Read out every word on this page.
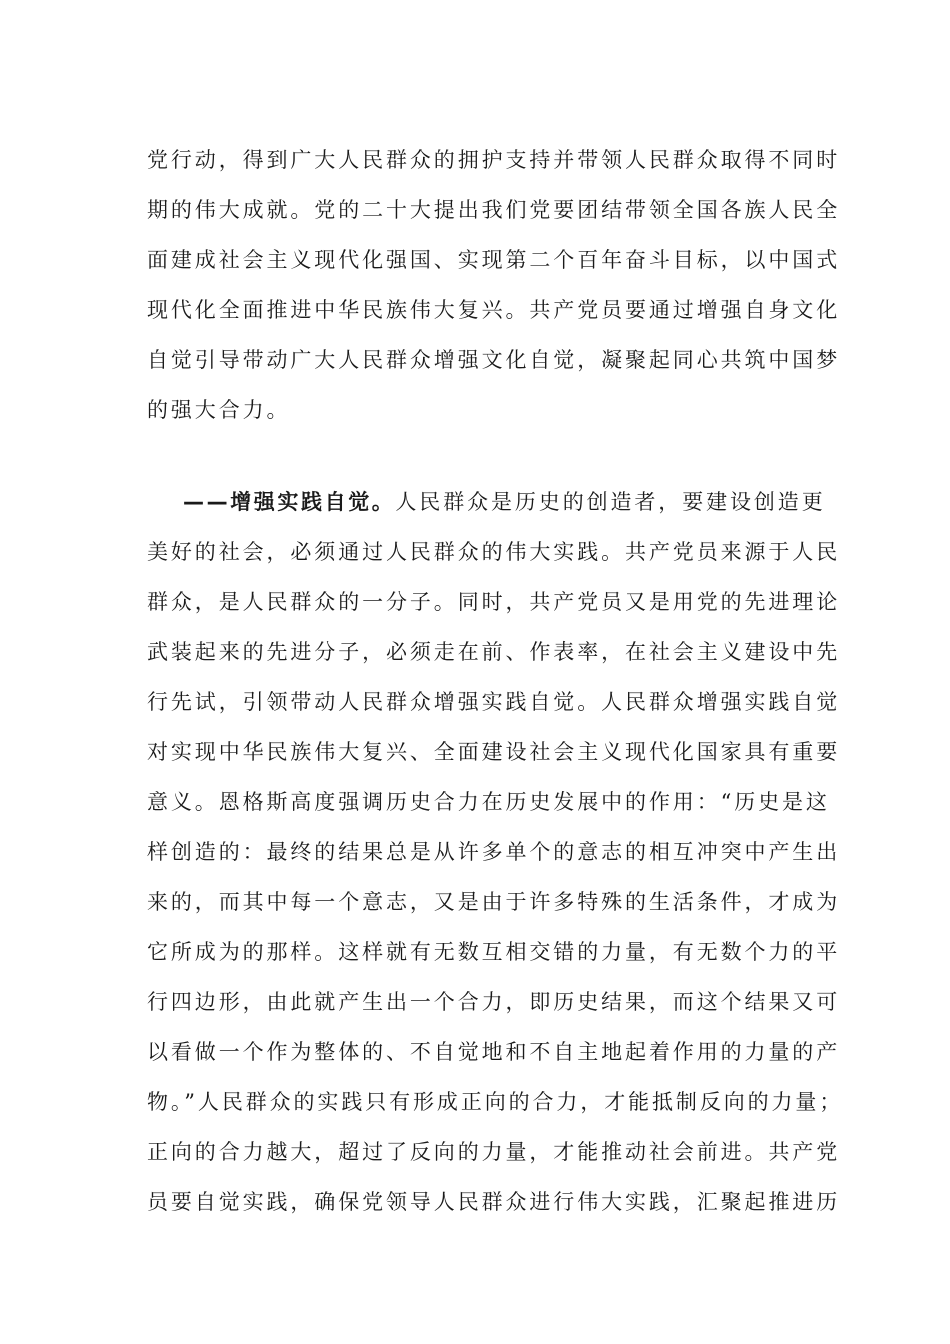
党行动，得到广大人民群众的拥护支持并带领人民群众取得不同时
期的伟大成就。党的二十大提出我们党要团结带领全国各族人民全
面建成社会主义现代化强国、实现第二个百年奋斗目标，以中国式
现代化全面推进中华民族伟大复兴。共产党员要通过增强自身文化
自觉引导带动广大人民群众增强文化自觉，凝聚起同心共筑中国梦
的强大合力。
——增强实践自觉。人民群众是历史的创造者，要建设创造更
美好的社会，必须通过人民群众的伟大实践。共产党员来源于人民
群众，是人民群众的一分子。同时，共产党员又是用党的先进理论
武装起来的先进分子，必须走在前、作表率，在社会主义建设中先
行先试，引领带动人民群众增强实践自觉。人民群众增强实践自觉
对实现中华民族伟大复兴、全面建设社会主义现代化国家具有重要
意义。恩格斯高度强调历史合力在历史发展中的作用：“历史是这
样创造的：最终的结果总是从许多单个的意志的相互冲突中产生出
来的，而其中每一个意志，又是由于许多特殊的生活条件，才成为
它所成为的那样。这样就有无数互相交错的力量，有无数个力的平
行四边形，由此就产生出一个合力，即历史结果，而这个结果又可
以看做一个作为整体的、不自觉地和不自主地起着作用的力量的产
物。”人民群众的实践只有形成正向的合力，才能抵制反向的力量；
正向的合力越大，超过了反向的力量，才能推动社会前进。共产党
员要自觉实践，确保党领导人民群众进行伟大实践，汇聚起推进历
